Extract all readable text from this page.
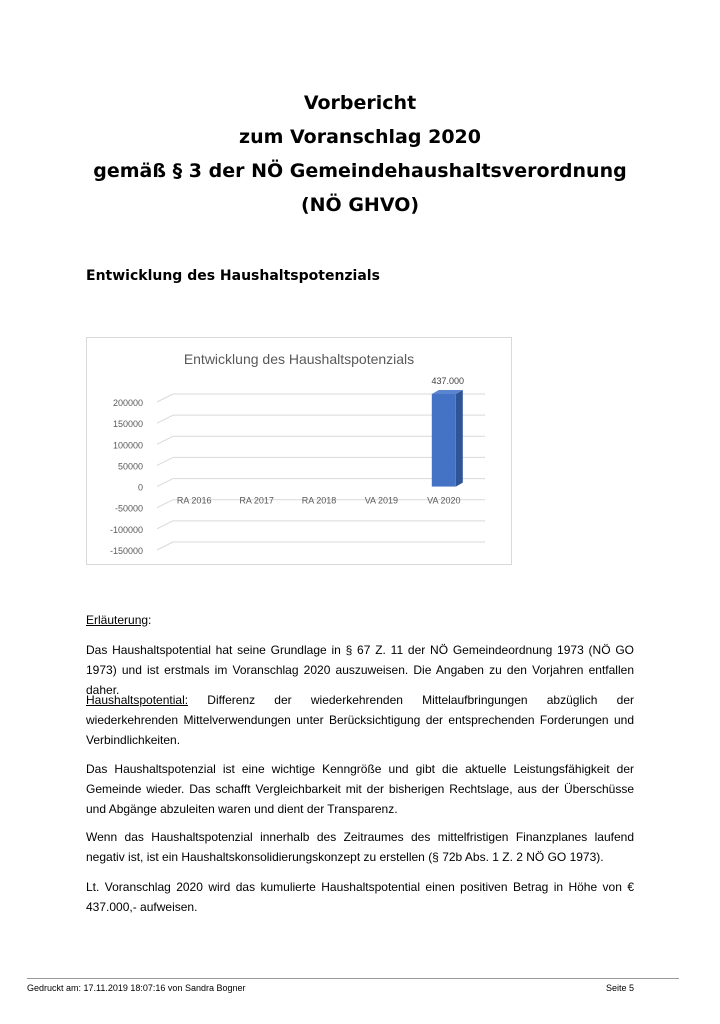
Vorbericht
zum Voranschlag 2020
gemäß § 3 der NÖ Gemeindehaushaltsverordnung
(NÖ GHVO)
Entwicklung des Haushaltspotenzials
Entwicklung des Haushaltspotenzials
200000
150000
100000
50000
0
-50000
-100000
-150000
RA 2016	RA 2017	RA 2018	VA 2019	VA 2020
437.000
Erläuterung:
Das Haushaltspotential hat seine Grundlage in § 67 Z. 11 der NÖ Gemeindeordnung 1973 (NÖ GO 1973) und ist erstmals im Voranschlag 2020 auszuweisen. Die Angaben zu den Vorjahren entfallen daher.
Haushaltspotential: Differenz der wiederkehrenden Mittelaufbringungen abzüglich der wiederkehrenden Mittelverwendungen unter Berücksichtigung der entsprechenden Forderungen und Verbindlichkeiten.
Das Haushaltspotenzial ist eine wichtige Kenngröße und gibt die aktuelle Leistungsfähigkeit der Gemeinde wieder. Das schafft Vergleichbarkeit mit der bisherigen Rechtslage, aus der Überschüsse und Abgänge abzuleiten waren und dient der Transparenz.
Wenn das Haushaltspotenzial innerhalb des Zeitraumes des mittelfristigen Finanzplanes laufend negativ ist, ist ein Haushaltskonsolidierungskonzept zu erstellen (§ 72b Abs. 1 Z. 2 NÖ GO 1973).
Lt. Voranschlag 2020 wird das kumulierte Haushaltspotential einen positiven Betrag in Höhe von € 437.000,- aufweisen.
Gedruckt am: 17.11.2019 18:07:16 von Sandra Bogner	Seite 5
